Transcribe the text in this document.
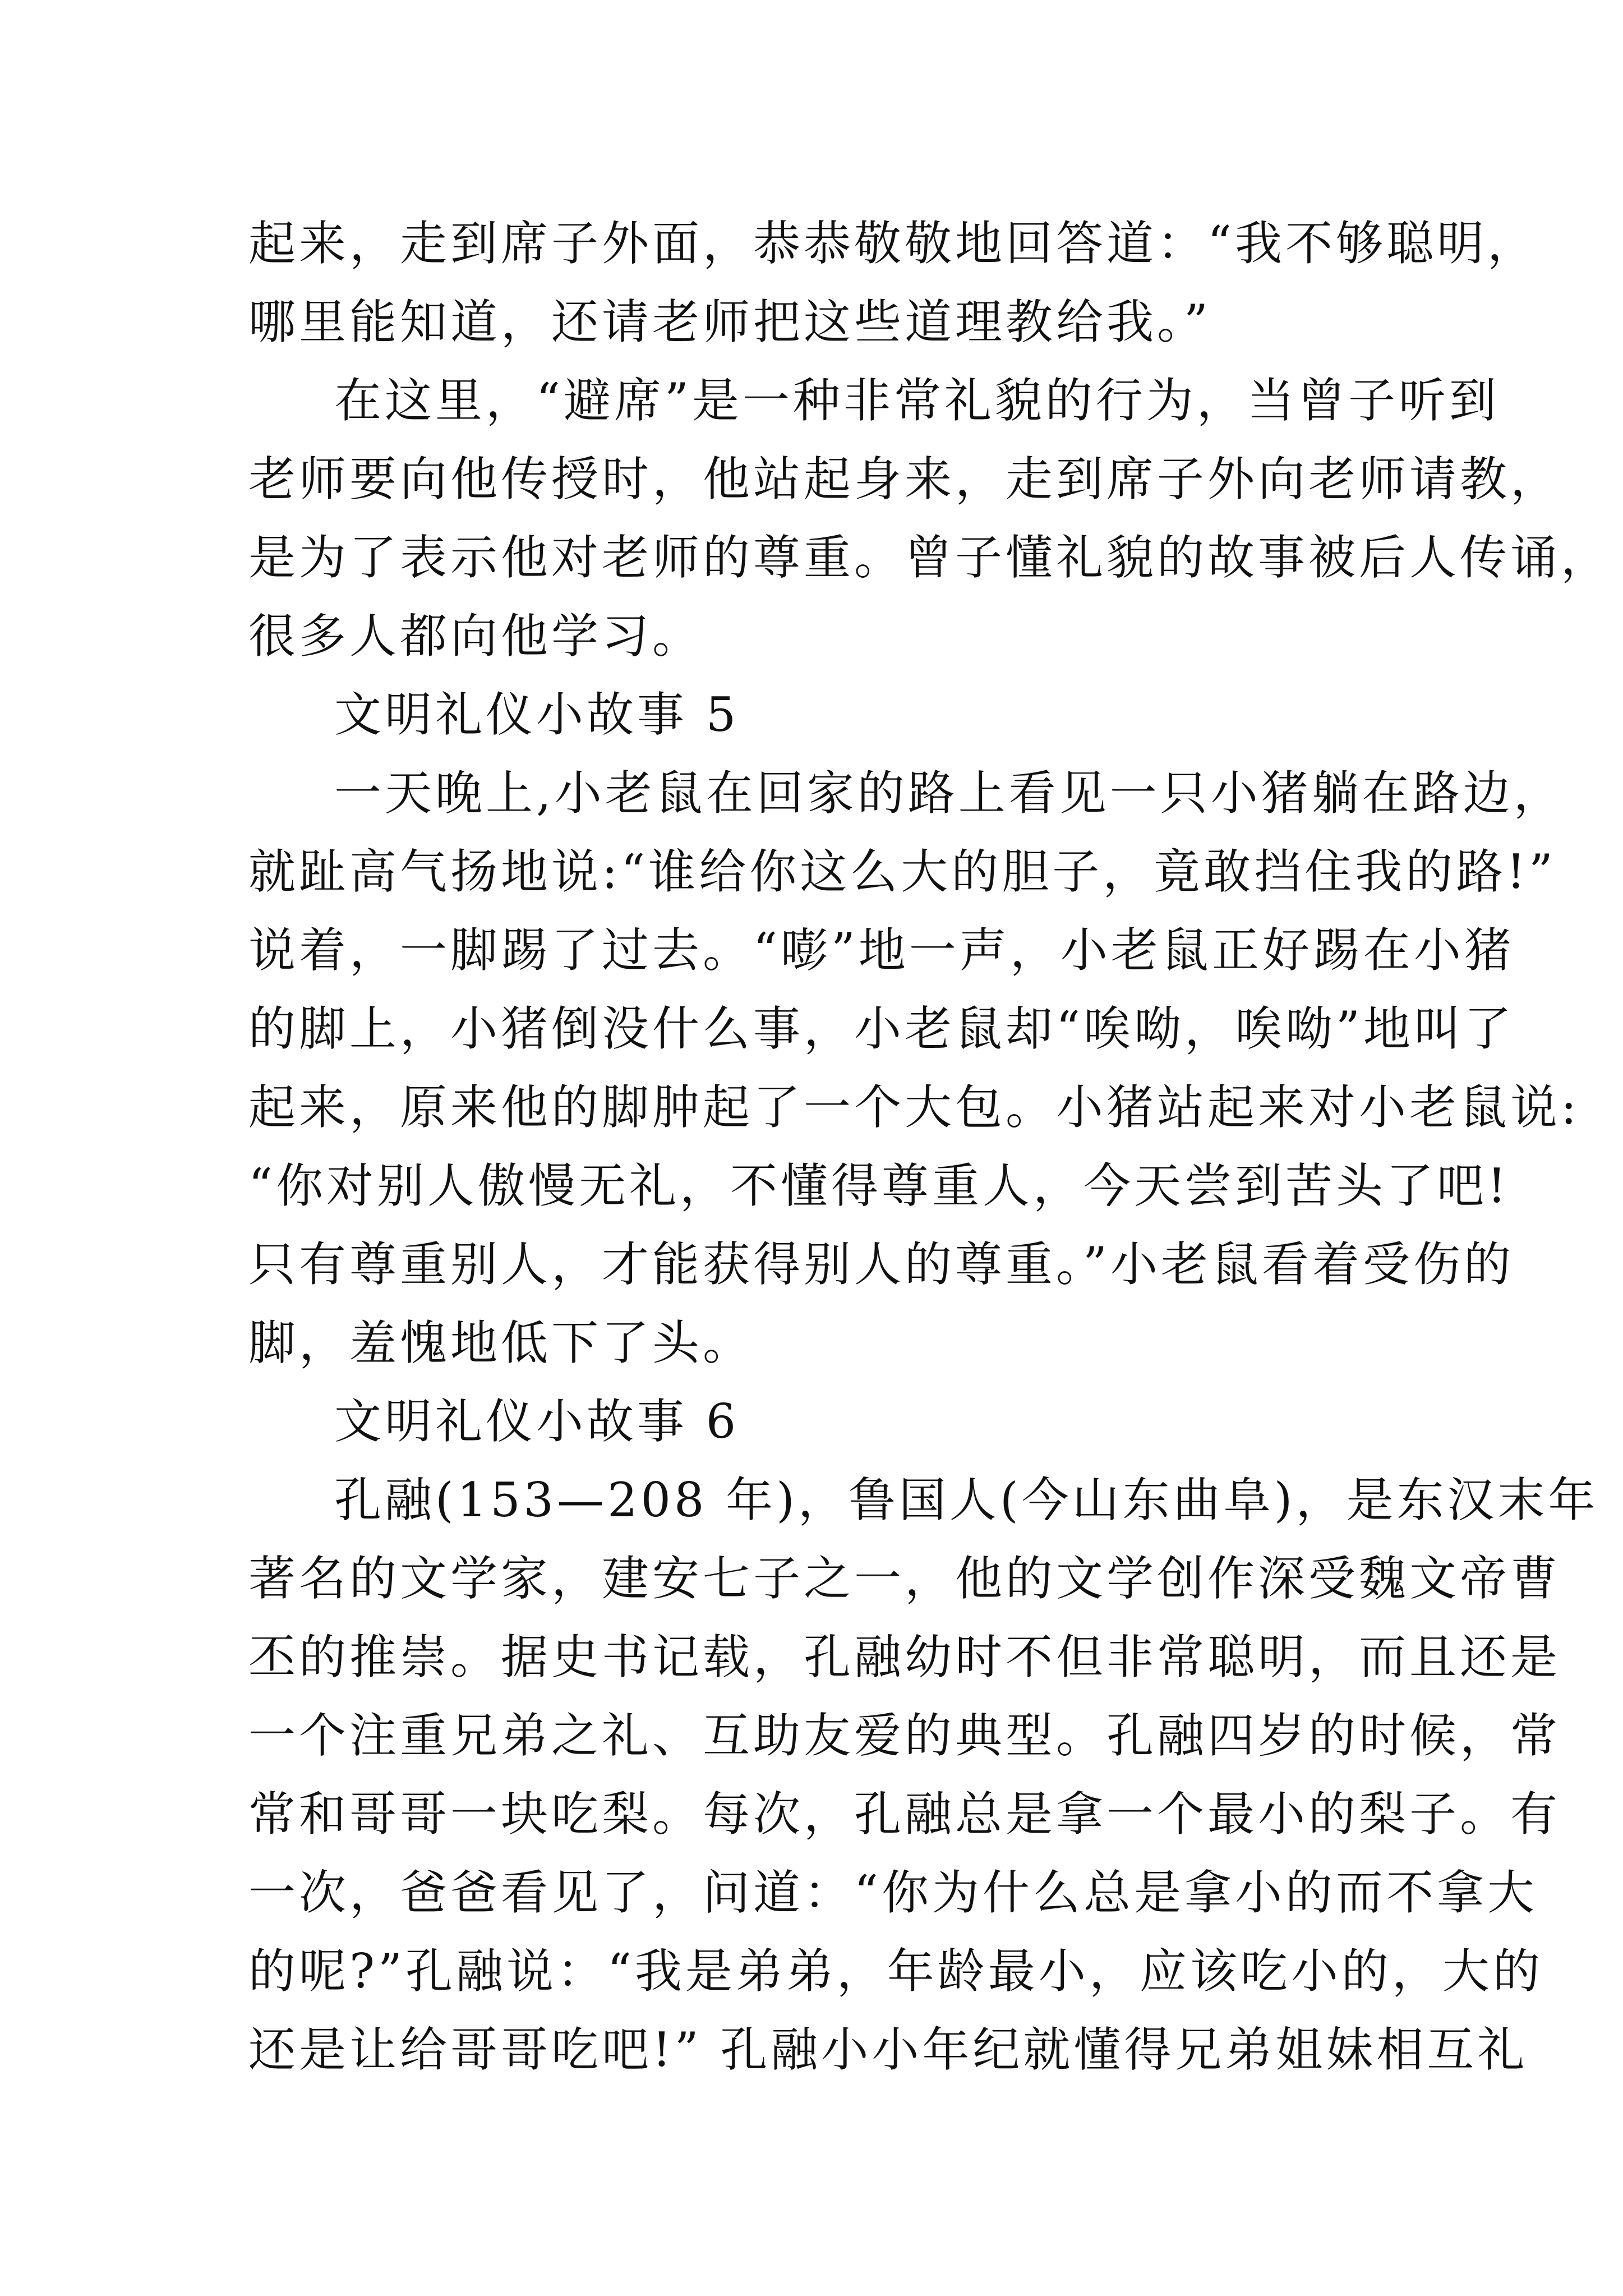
起来，走到席子外面，恭恭敬敬地回答道：“我不够聪明，

哪里能知道，还请老师把这些道理教给我。”

在这里，“避席”是一种非常礼貌的行为，当曾子听到

老师要向他传授时，他站起身来，走到席子外向老师请教，

是为了表示他对老师的尊重。曾子懂礼貌的故事被后人传诵，

很多人都向他学习。

文明礼仪小故事 5

一天晚上,小老鼠在回家的路上看见一只小猪躺在路边，

就趾高气扬地说:“谁给你这么大的胆子，竟敢挡住我的路!”

说着，一脚踢了过去。“嘭”地一声，小老鼠正好踢在小猪

的脚上，小猪倒没什么事，小老鼠却“唉呦，唉呦”地叫了

起来，原来他的脚肿起了一个大包。小猪站起来对小老鼠说:

“你对别人傲慢无礼，不懂得尊重人，今天尝到苦头了吧!

只有尊重别人，才能获得别人的尊重。”小老鼠看着受伤的

脚，羞愧地低下了头。

文明礼仪小故事 6

孔融(153—208 年)，鲁国人(今山东曲阜)，是东汉末年

著名的文学家，建安七子之一，他的文学创作深受魏文帝曹

丕的推崇。据史书记载，孔融幼时不但非常聪明，而且还是

一个注重兄弟之礼、互助友爱的典型。孔融四岁的时候，常

常和哥哥一块吃梨。每次，孔融总是拿一个最小的梨子。有

一次，爸爸看见了，问道：“你为什么总是拿小的而不拿大

的呢?”孔融说：“我是弟弟，年龄最小，应该吃小的，大的

还是让给哥哥吃吧!” 孔融小小年纪就懂得兄弟姐妹相互礼
